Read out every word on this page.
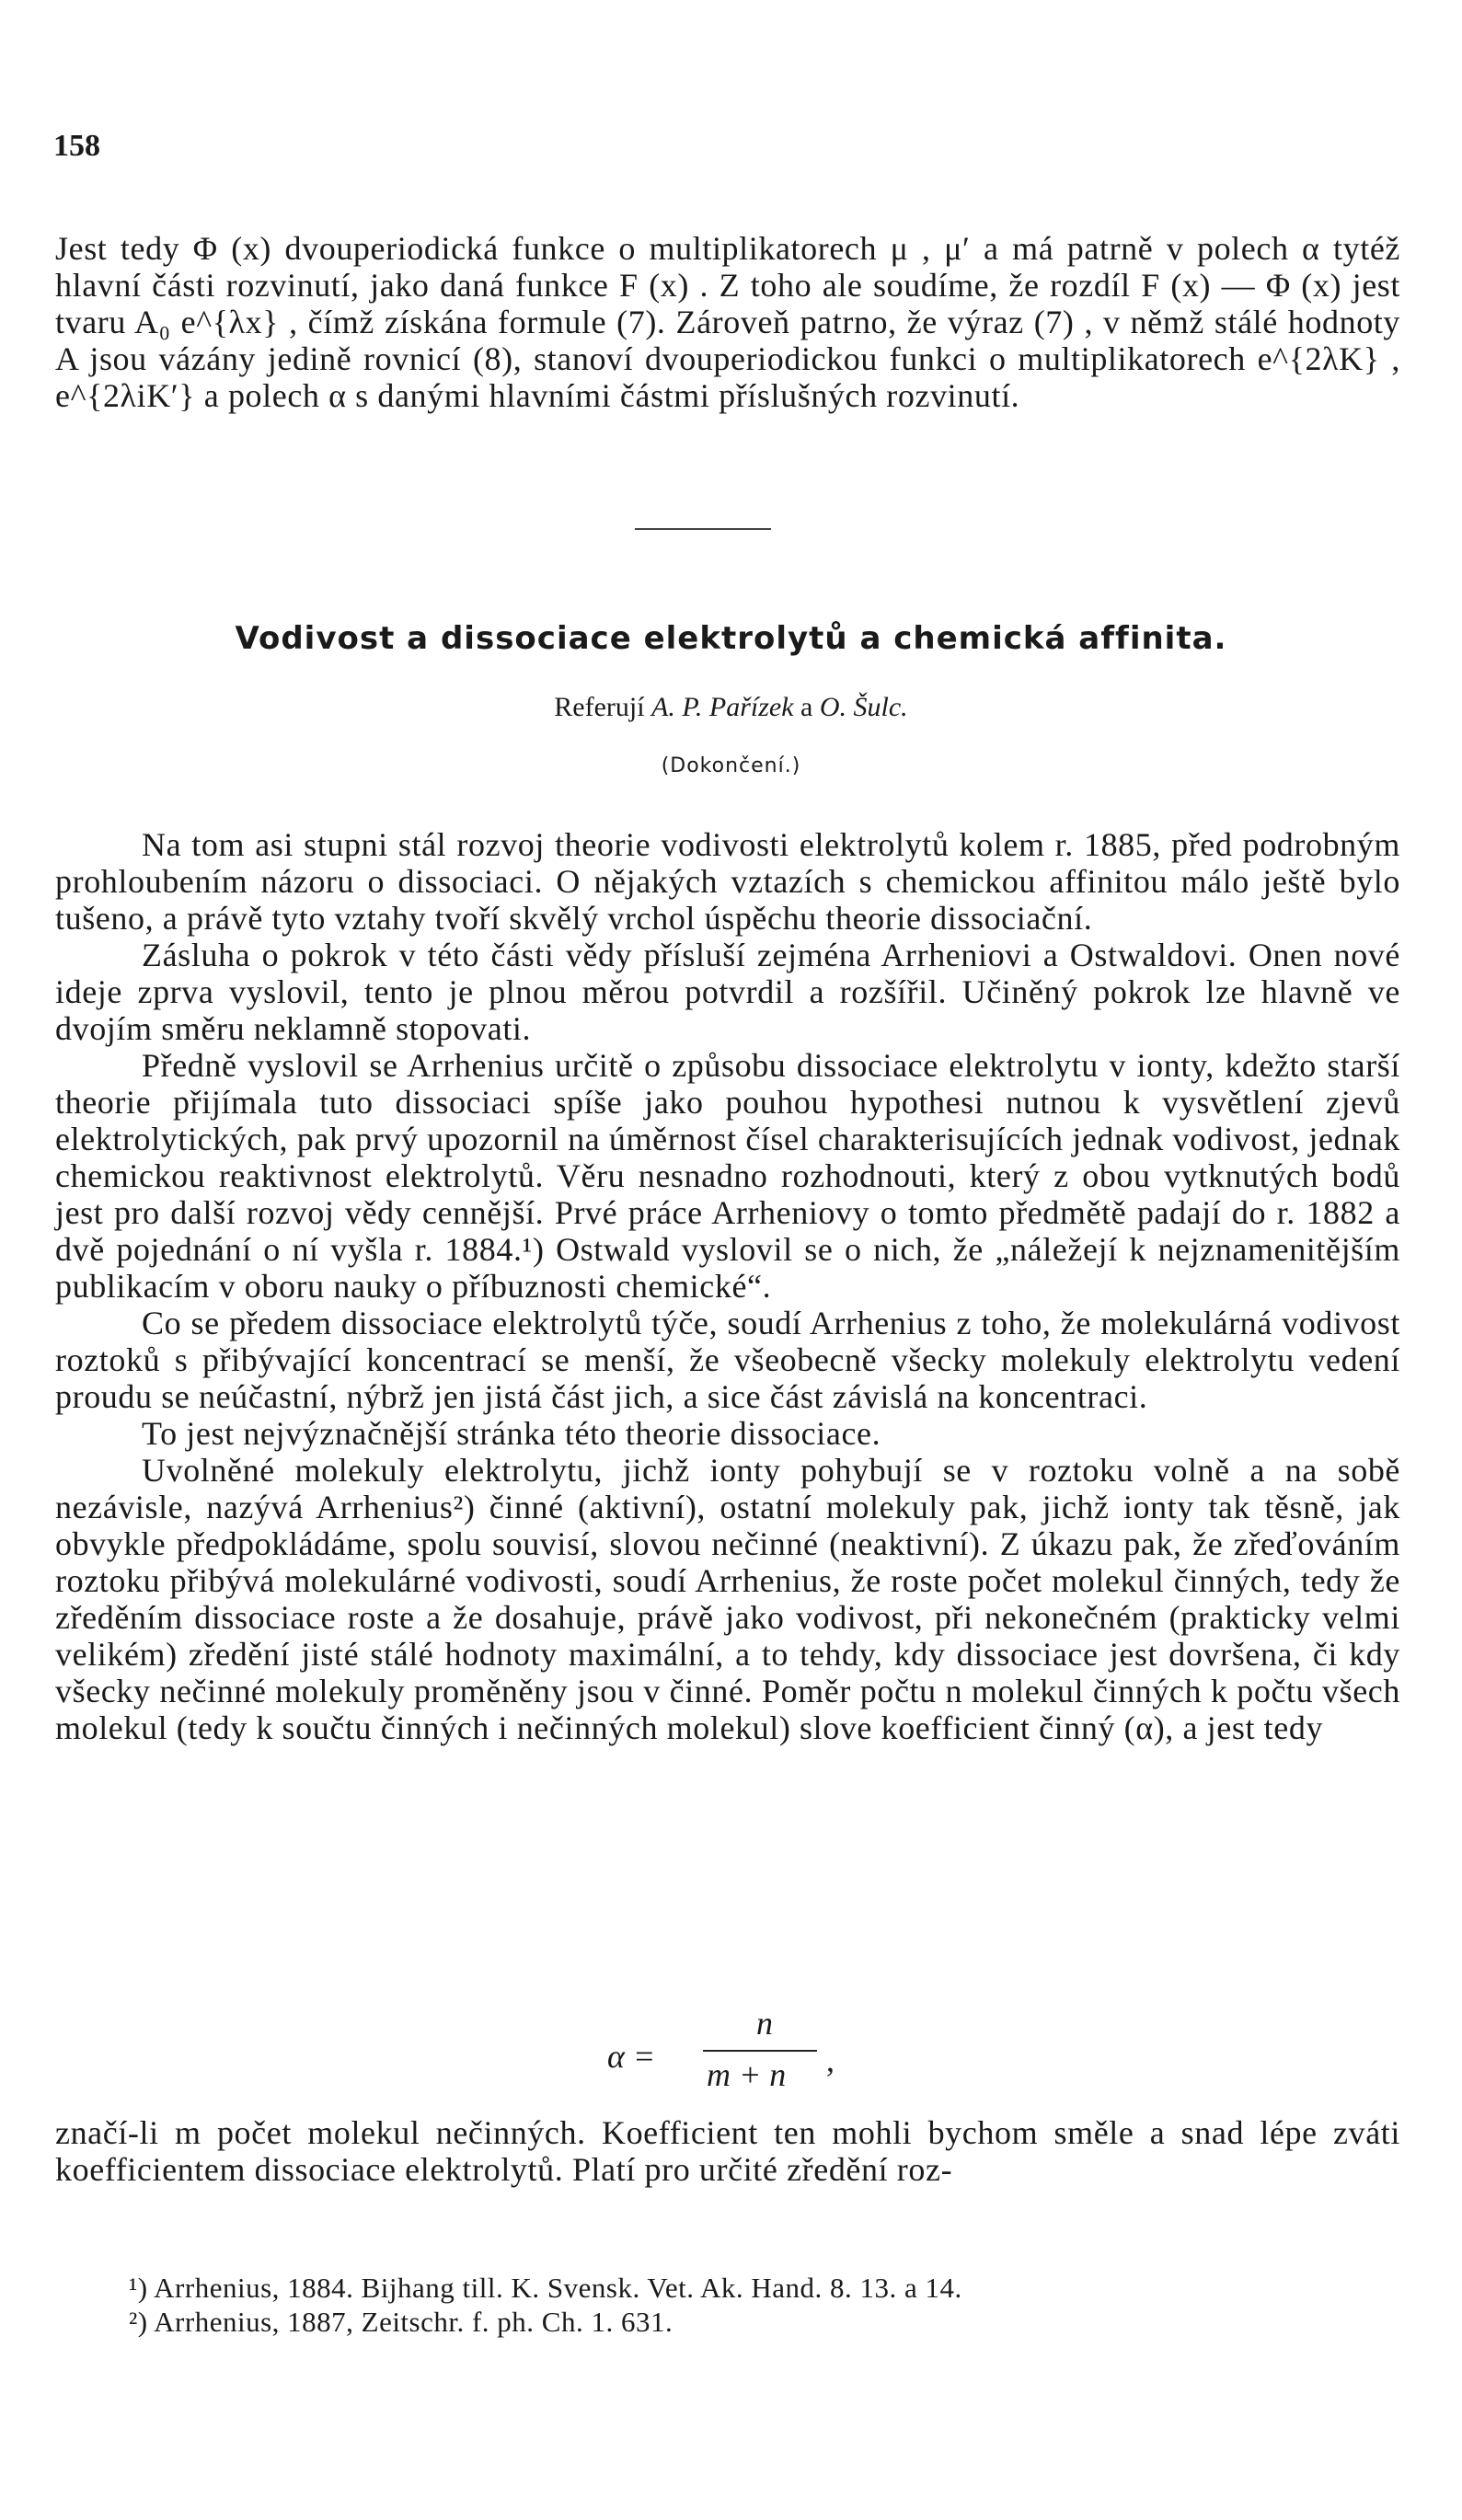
158

Jest tedy Φ (x) dvouperiodická funkce o multiplikatorech μ , μ′ a má patrně v polech α tytéž hlavní části rozvinutí, jako daná funkce F (x) . Z toho ale soudíme, že rozdíl F (x) — Φ (x) jest tvaru A₀ e^{λx} , čímž získána formule (7). Zároveň patrno, že výraz (7) , v němž stálé hodnoty A jsou vázány jedině rovnicí (8), stanoví dvouperiodickou funkci o multiplikatorech e^{2λK} , e^{2λiK′} a polech α s danými hlavními částmi příslušných rozvinutí.

Vodivost a dissociace elektrolytů a chemická affinita.
Referují A. P. Pařízek a O. Šulc.
(Dokončení.)

Na tom asi stupni stál rozvoj theorie vodivosti elektrolytů kolem r. 1885, před podrobným prohloubením názoru o dissociaci. O nějakých vztazích s chemickou affinitou málo ještě bylo tušeno, a právě tyto vztahy tvoří skvělý vrchol úspěchu theorie dissociační.

Zásluha o pokrok v této části vědy přísluší zejména Arrheniovi a Ostwaldovi. Onen nové ideje zprva vyslovil, tento je plnou měrou potvrdil a rozšířil. Učiněný pokrok lze hlavně ve dvojím směru neklamně stopovati.

Předně vyslovil se Arrhenius určitě o způsobu dissociace elektrolytu v ionty, kdežto starší theorie přijímala tuto dissociaci spíše jako pouhou hypothesi nutnou k vysvětlení zjevů elektrolytických, pak prvý upozornil na úměrnost čísel charakterisujících jednak vodivost, jednak chemickou reaktivnost elektrolytů. Věru nesnadno rozhodnouti, který z obou vytknutých bodů jest pro další rozvoj vědy cennější. Prvé práce Arrheniovy o tomto předmětě padají do r. 1882 a dvě pojednání o ní vyšla r. 1884.¹) Ostwald vyslovil se o nich, že „náležejí k nejznamenitějším publikacím v oboru nauky o příbuznosti chemické“.

Co se předem dissociace elektrolytů týče, soudí Arrhenius z toho, že molekulárná vodivost roztoků s přibývající koncentrací se menší, že všeobecně všecky molekuly elektrolytu vedení proudu se neúčastní, nýbrž jen jistá část jich, a sice část závislá na koncentraci.

To jest nejvýznačnější stránka této theorie dissociace.

Uvolněné molekuly elektrolytu, jichž ionty pohybují se v roztoku volně a na sobě nezávisle, nazývá Arrhenius²) činné (aktivní), ostatní molekuly pak, jichž ionty tak těsně, jak obvykle předpokládáme, spolu souvisí, slovou nečinné (neaktivní). Z úkazu pak, že zřeďováním roztoku přibývá molekulárné vodivosti, soudí Arrhenius, že roste počet molekul činných, tedy že zředěním dissociace roste a že dosahuje, právě jako vodivost, při nekonečném (prakticky velmi velikém) zředění jisté stálé hodnoty maximální, a to tehdy, kdy dissociace jest dovršena, či kdy všecky nečinné molekuly proměněny jsou v činné. Poměr počtu n molekul činných k počtu všech molekul (tedy k součtu činných i nečinných molekul) slove koefficient činný (α), a jest tedy

α =
n
m + n ,

značí-li m počet molekul nečinných. Koefficient ten mohli bychom směle a snad lépe zváti koefficientem dissociace elektrolytů. Platí pro určité zředění roz-

¹) Arrhenius, 1884. Bijhang till. K. Svensk. Vet. Ak. Hand. 8. 13. a 14.
²) Arrhenius, 1887, Zeitschr. f. ph. Ch. 1. 631.
